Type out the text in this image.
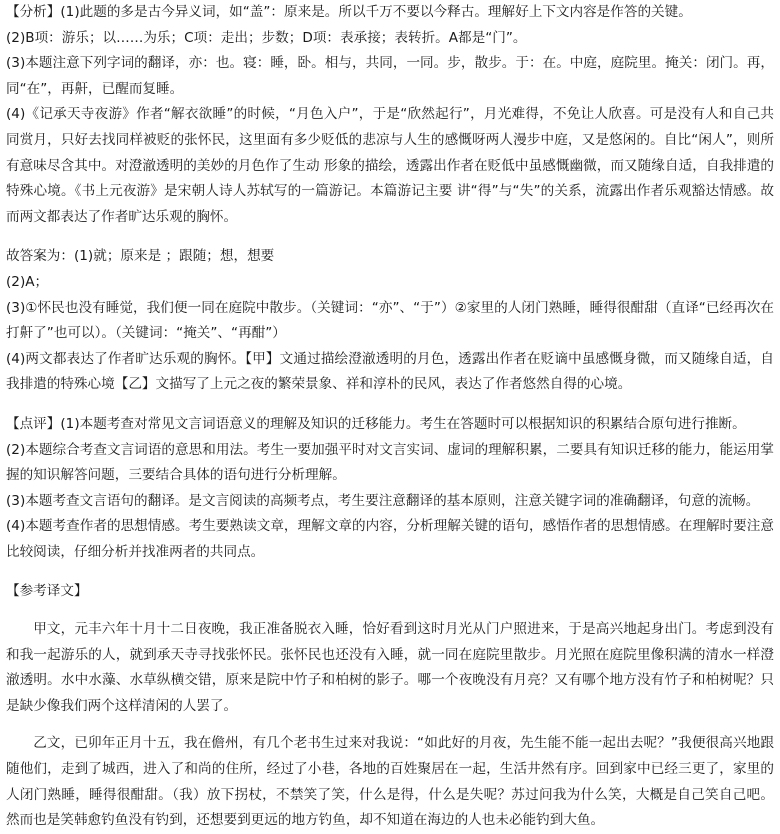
【分析】(1)此题的多是古今异义词，如“盖”：原来是。所以千万不要以今释古。理解好上下文内容是作答的关键。

(2)B项：游乐；以……为乐；C项：走出；步数；D项：表承接；表转折。A都是“门”。

(3)本题注意下列字词的翻译，亦：也。寝：睡，卧。相与，共同，一同。步，散步。于：在。中庭，庭院里。掩关：闭门。再，同“在”，再鼾，已醒而复睡。

(4)《记承天寺夜游》作者“解衣欲睡”的时候，“月色入户”，于是“欣然起行”，月光难得，不免让人欣喜。可是没有人和自己共同赏月，只好去找同样被贬的张怀民，这里面有多少贬低的悲凉与人生的感慨呀两人漫步中庭，又是悠闲的。自比“闲人”，则所有意味尽含其中。对澄澈透明的美妙的月色作了生动 形象的描绘，透露出作者在贬低中虽感慨幽微，而又随缘自适，自我排遣的特殊心境。《书上元夜游》是宋朝人诗人苏轼写的一篇游记。本篇游记主要 讲“得”与“失”的关系，流露出作者乐观豁达情感。故而两文都表达了作者旷达乐观的胸怀。

故答案为：(1)就；原来是 ；跟随；想，想要

(2)A；

(3)①怀民也没有睡觉，我们便一同在庭院中散步。（关键词：“亦”、“于”）②家里的人闭门熟睡，睡得很酣甜（直译“已经再次在打鼾了”也可以）。（关键词：“掩关”、“再酣”）

(4)两文都表达了作者旷达乐观的胸怀。【甲】文通过描绘澄澈透明的月色，透露出作者在贬谪中虽感慨身微，而又随缘自适，自我排遣的特殊心境【乙】文描写了上元之夜的繁荣景象、祥和淳朴的民风，表达了作者悠然自得的心境。

【点评】(1)本题考查对常见文言词语意义的理解及知识的迁移能力。考生在答题时可以根据知识的积累结合原句进行推断。

(2)本题综合考查文言词语的意思和用法。考生一要加强平时对文言实词、虚词的理解积累，二要具有知识迁移的能力，能运用掌握的知识解答问题，三要结合具体的语句进行分析理解。

(3)本题考查文言语句的翻译。是文言阅读的高频考点，考生要注意翻译的基本原则，注意关键字词的准确翻译，句意的流畅。

(4)本题考查作者的思想情感。考生要熟读文章，理解文章的内容，分析理解关键的语句，感悟作者的思想情感。在理解时要注意比较阅读，仔细分析并找准两者的共同点。

【参考译文】

甲文，元丰六年十月十二日夜晚，我正准备脱衣入睡，恰好看到这时月光从门户照进来，于是高兴地起身出门。考虑到没有和我一起游乐的人，就到承天寺寻找张怀民。张怀民也还没有入睡，就一同在庭院里散步。月光照在庭院里像积满的清水一样澄澈透明。水中水藻、水草纵横交错，原来是院中竹子和柏树的影子。哪一个夜晚没有月亮？又有哪个地方没有竹子和柏树呢？只是缺少像我们两个这样清闲的人罢了。

乙文，已卯年正月十五，我在儋州，有几个老书生过来对我说：“如此好的月夜，先生能不能一起出去呢？”我便很高兴地跟随他们，走到了城西，进入了和尚的住所，经过了小巷，各地的百姓聚居在一起，生活井然有序。回到家中已经三更了，家里的人闭门熟睡，睡得很酣甜。（我）放下拐杖，不禁笑了笑，什么是得，什么是失呢？苏过问我为什么笑，大概是自己笑自己吧。然而也是笑韩愈钓鱼没有钓到，还想要到更远的地方钓鱼，却不知道在海边的人也未必能钓到大鱼。
